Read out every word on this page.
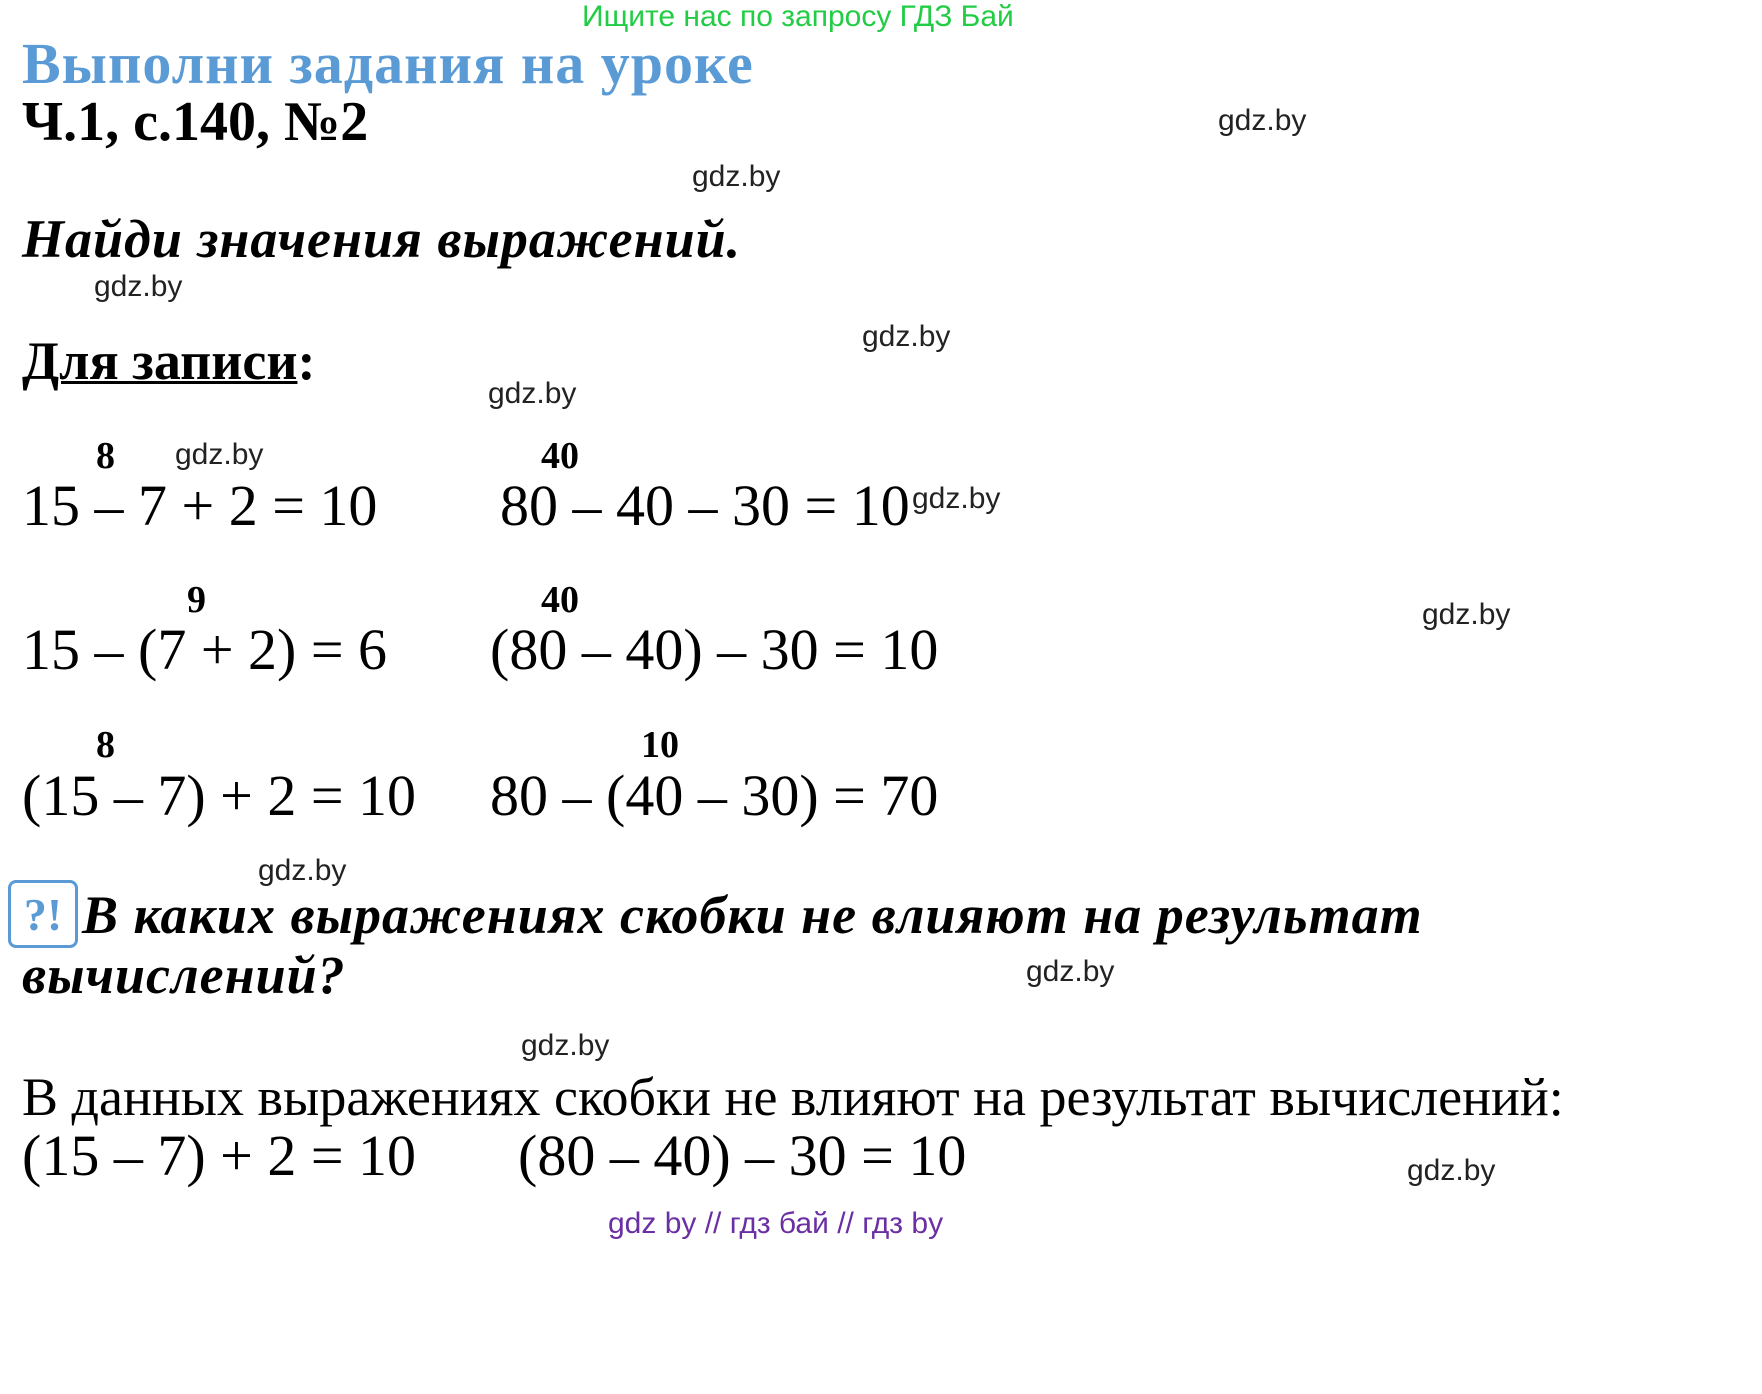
Ищите нас по запросу ГДЗ Бай
Выполни задания на уроке
Ч.1, с.140, №2
Найди значения выражений.
Для записи:
gdz.by
gdz.by
gdz.by
gdz.by
gdz.by
gdz.by
gdz.by
gdz.by
gdz.by
gdz.by
gdz.by
gdz.by
8
15 – 7 + 2 = 10
40
80 – 40 – 30 = 10
9
15 – (7 + 2) = 6
40
(80 – 40) – 30 = 10
8
(15 – 7) + 2 = 10
10
80 – (40 – 30) = 70
?! В каких выражениях скобки не влияют на результат
вычислений?
В данных выражениях скобки не влияют на результат вычислений:
(15 – 7) + 2 = 10 (80 – 40) – 30 = 10
gdz by // гдз бай // гдз by
